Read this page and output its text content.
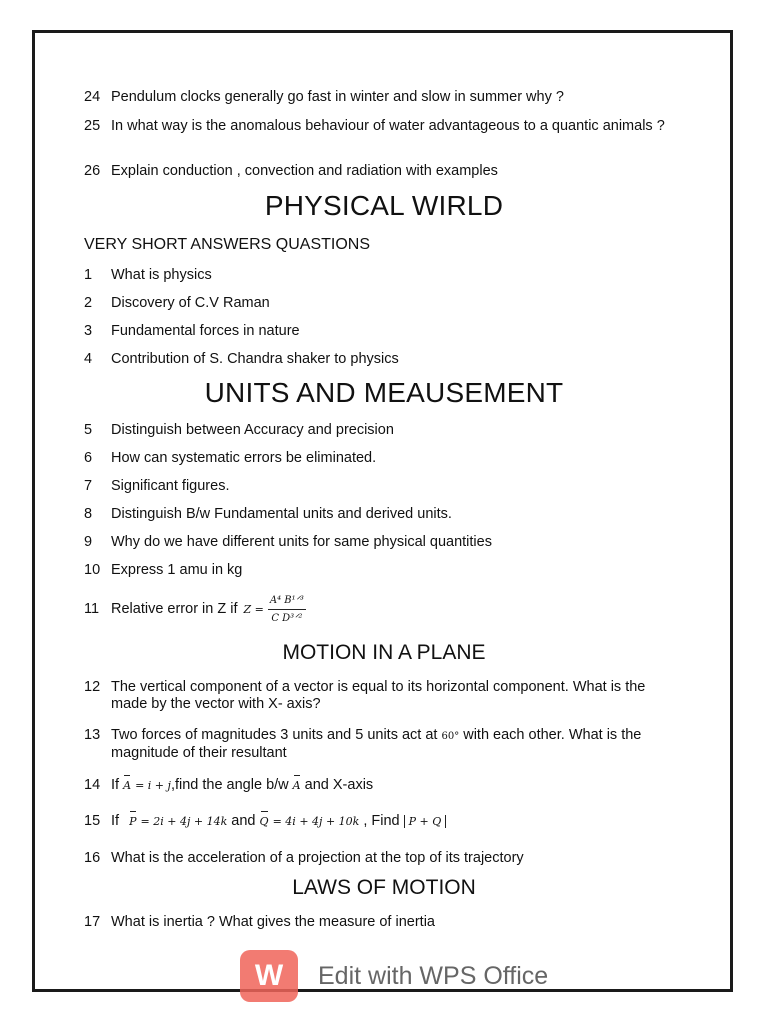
24 Pendulum clocks generally go fast in winter and slow in summer why ?
25 In what way is the anomalous behaviour of water advantageous to a quantic animals ?
26 Explain conduction , convection and radiation with examples
PHYSICAL WIRLD
VERY SHORT ANSWERS QUASTIONS
1	What is physics
2	Discovery of C.V Raman
3	Fundamental forces in nature
4	Contribution of S. Chandra shaker to physics
UNITS AND MEAUSEMENT
5	Distinguish between Accuracy and precision
6	How can systematic errors be eliminated.
7	Significant figures.
8	Distinguish B/w Fundamental units and derived units.
9	Why do we have different units for same physical quantities
10 Express 1 amu in kg
11 Relative error in Z if $Z = \frac{\text{A⁴ B¹ᐟ³}}{\text{C D³ᐟ²}}$
MOTION IN A PLANE
12 The vertical component of a vector is equal to its horizontal component. What is the made by the vector with X- axis?
13 Two forces of magnitudes 3 units and 5 units act at 60° with each other. What is the magnitude of their resultant
14 If A = i + j,find the angle b/w A and X-axis
15 If P = 2i + 4j + 14k and Q = 4i + 4j + 10k , Find P + Q
16 What is the acceleration of a projection at the top of its trajectory
LAWS OF MOTION
17 What is inertia ? What gives the measure of inertia
W	Edit with WPS Office
